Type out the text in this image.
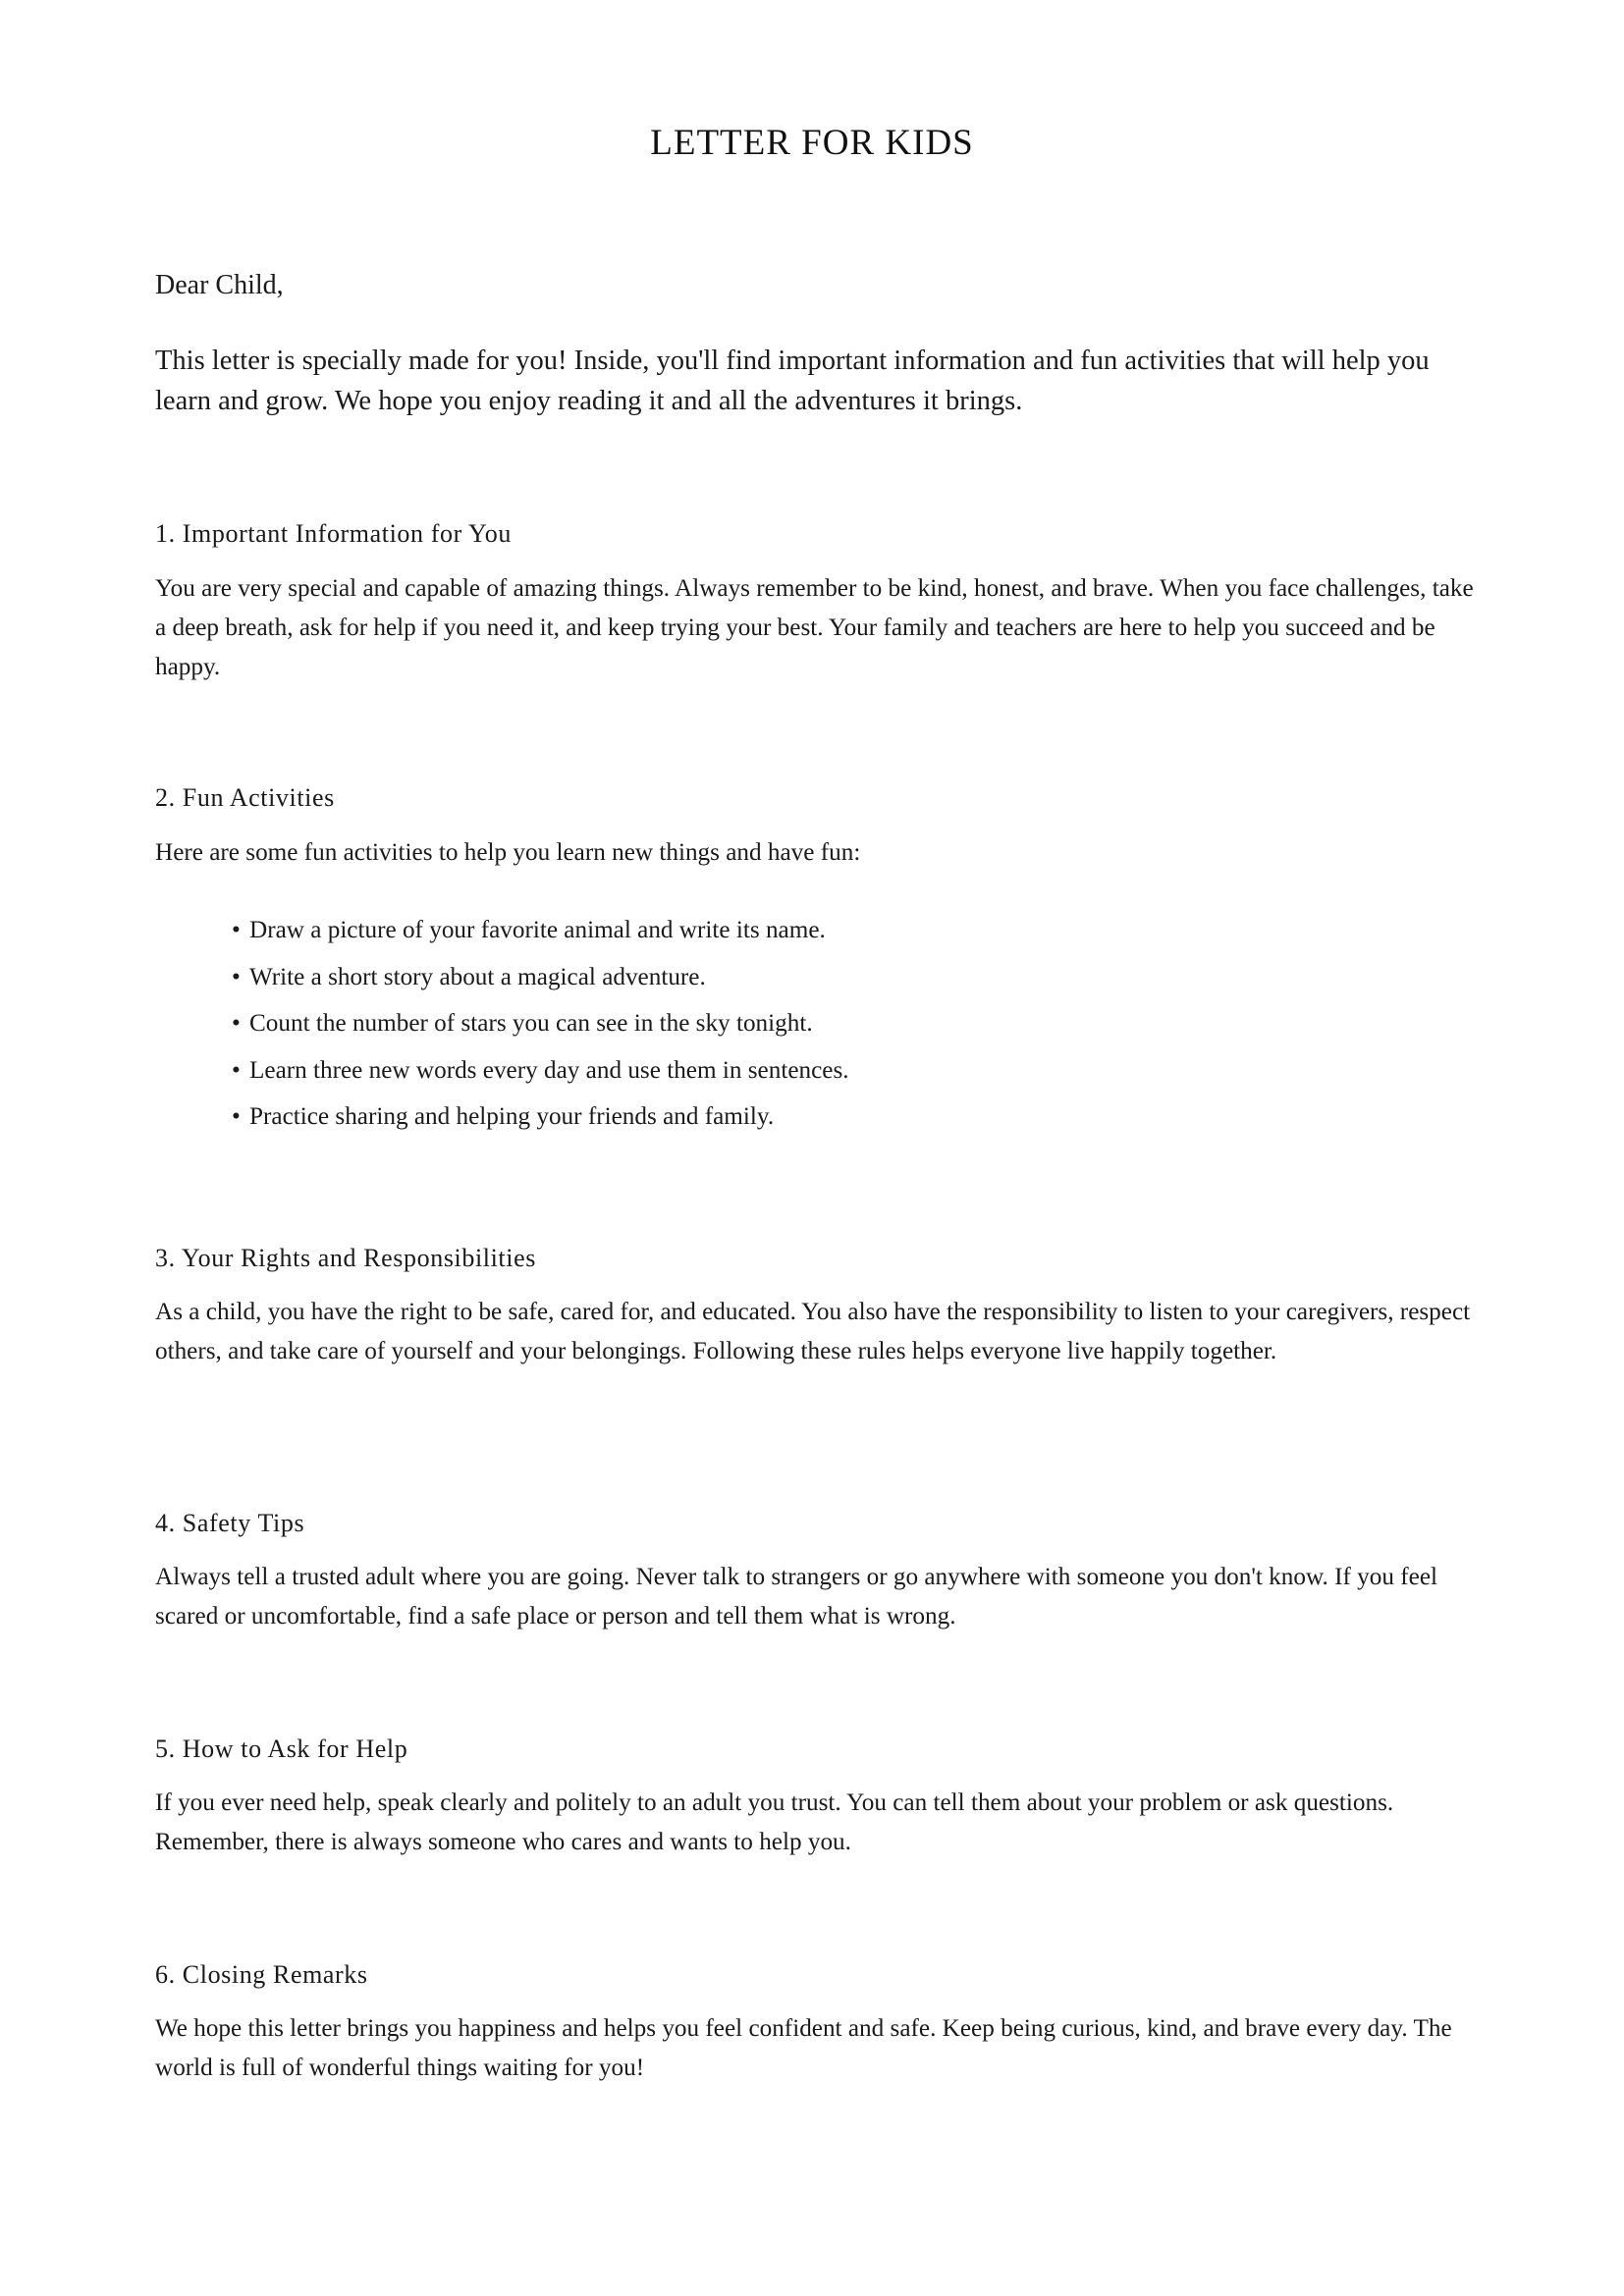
LETTER FOR KIDS
Dear Child,
This letter is specially made for you! Inside, you'll find important information and fun activities that will help you learn and grow. We hope you enjoy reading it and all the adventures it brings.
1. Important Information for You
You are very special and capable of amazing things. Always remember to be kind, honest, and brave. When you face challenges, take a deep breath, ask for help if you need it, and keep trying your best. Your family and teachers are here to help you succeed and be happy.
2. Fun Activities
Here are some fun activities to help you learn new things and have fun:
• Draw a picture of your favorite animal and write its name.
• Write a short story about a magical adventure.
• Count the number of stars you can see in the sky tonight.
• Learn three new words every day and use them in sentences.
• Practice sharing and helping your friends and family.
3. Your Rights and Responsibilities
As a child, you have the right to be safe, cared for, and educated. You also have the responsibility to listen to your caregivers, respect others, and take care of yourself and your belongings. Following these rules helps everyone live happily together.
4. Safety Tips
Always tell a trusted adult where you are going. Never talk to strangers or go anywhere with someone you don't know. If you feel scared or uncomfortable, find a safe place or person and tell them what is wrong.
5. How to Ask for Help
If you ever need help, speak clearly and politely to an adult you trust. You can tell them about your problem or ask questions. Remember, there is always someone who cares and wants to help you.
6. Closing Remarks
We hope this letter brings you happiness and helps you feel confident and safe. Keep being curious, kind, and brave every day. The world is full of wonderful things waiting for you!
